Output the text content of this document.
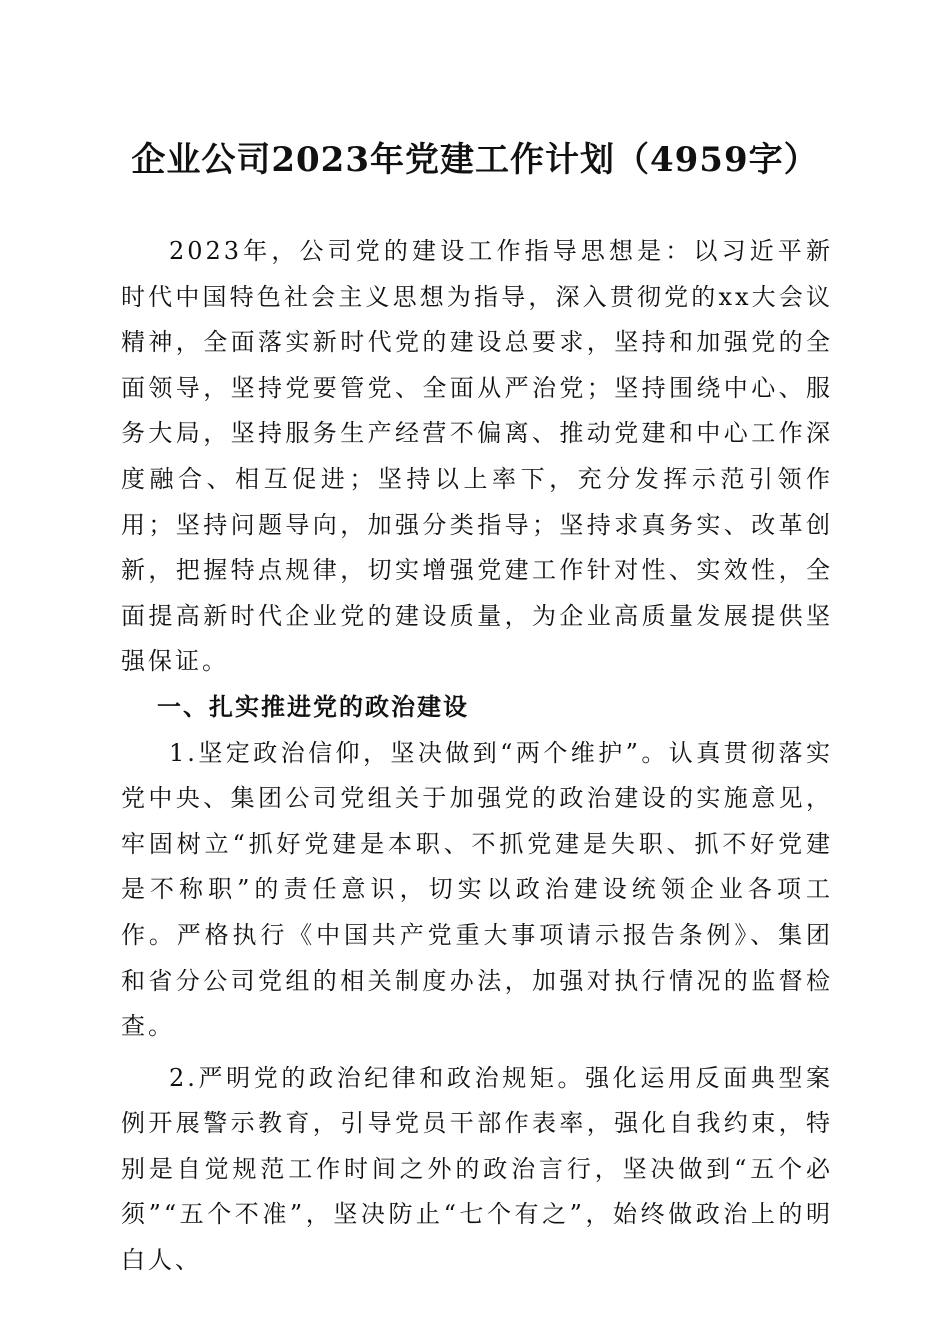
企业公司2023年党建工作计划（4959字）

2023年，公司党的建设工作指导思想是：以习近平新时代中国特色社会主义思想为指导，深入贯彻党的xx大会议精神，全面落实新时代党的建设总要求，坚持和加强党的全面领导，坚持党要管党、全面从严治党；坚持围绕中心、服务大局，坚持服务生产经营不偏离、推动党建和中心工作深度融合、相互促进；坚持以上率下，充分发挥示范引领作用；坚持问题导向，加强分类指导；坚持求真务实、改革创新，把握特点规律，切实增强党建工作针对性、实效性，全面提高新时代企业党的建设质量，为企业高质量发展提供坚强保证。

一、扎实推进党的政治建设

1.坚定政治信仰，坚决做到“两个维护”。认真贯彻落实党中央、集团公司党组关于加强党的政治建设的实施意见，牢固树立“抓好党建是本职、不抓党建是失职、抓不好党建是不称职”的责任意识，切实以政治建设统领企业各项工作。严格执行《中国共产党重大事项请示报告条例》、集团和省分公司党组的相关制度办法，加强对执行情况的监督检查。

2.严明党的政治纪律和政治规矩。强化运用反面典型案例开展警示教育，引导党员干部作表率，强化自我约束，特别是自觉规范工作时间之外的政治言行，坚决做到“五个必须”“五个不准”，坚决防止“七个有之”，始终做政治上的明白人、
